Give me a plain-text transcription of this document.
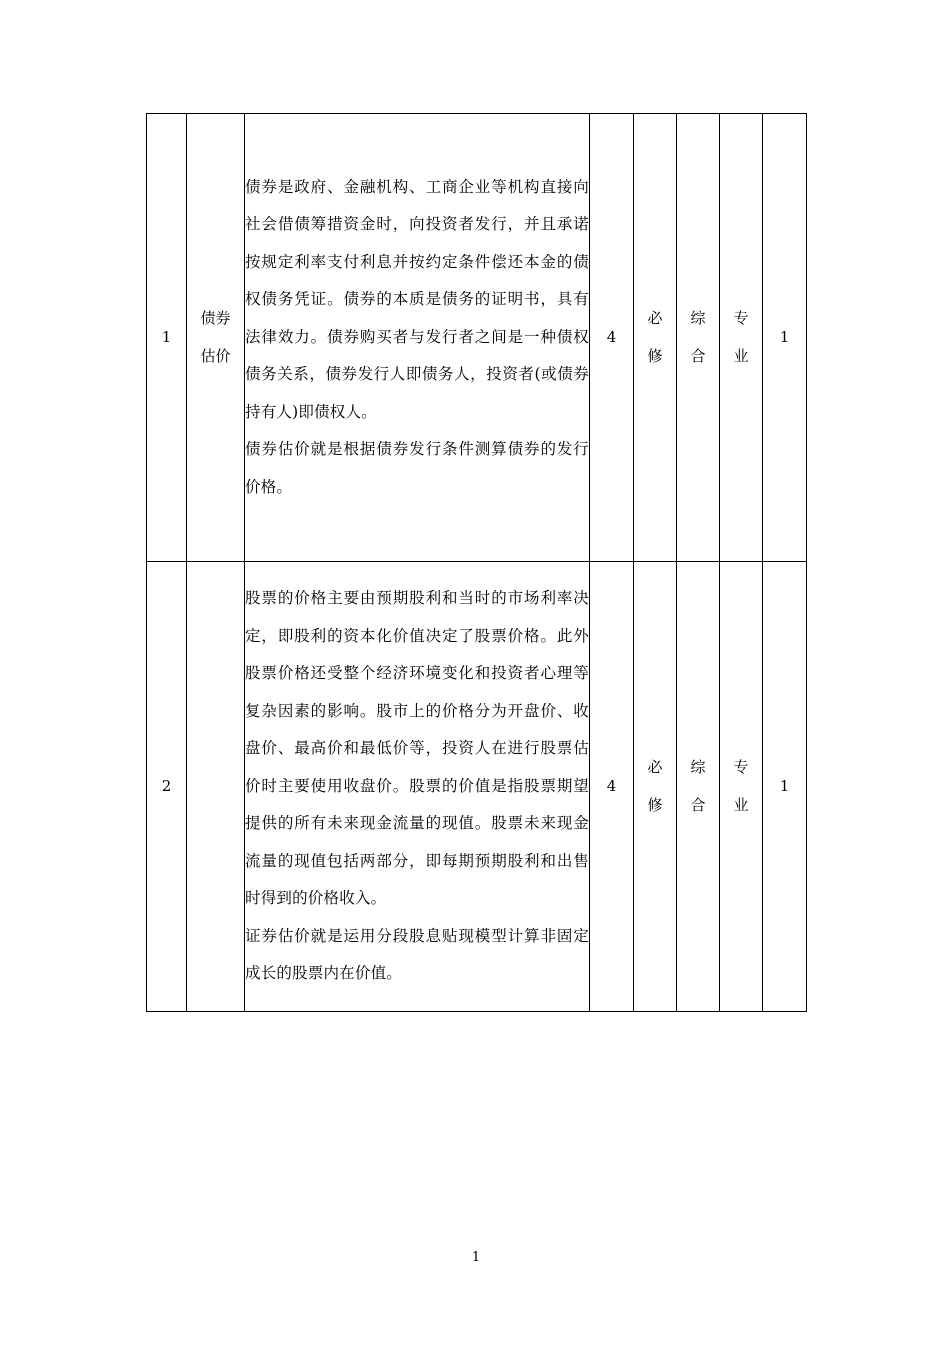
1	债券估价	债券是政府、金融机构、工商企业等机构直接向社会借债筹措资金时，向投资者发行，并且承诺按规定利率支付利息并按约定条件偿还本金的债权债务凭证。债券的本质是债务的证明书，具有法律效力。债券购买者与发行者之间是一种债权债务关系，债券发行人即债务人，投资者(或债券持有人)即债权人。

债券估价就是根据债券发行条件测算债券的发行价格。	4	必修	综合	专业	1
2		股票的价格主要由预期股利和当时的市场利率决定，即股利的资本化价值决定了股票价格。此外股票价格还受整个经济环境变化和投资者心理等复杂因素的影响。股市上的价格分为开盘价、收盘价、最高价和最低价等，投资人在进行股票估价时主要使用收盘价。股票的价值是指股票期望提供的所有未来现金流量的现值。股票未来现金流量的现值包括两部分，即每期预期股利和出售时得到的价格收入。

证券估价就是运用分段股息贴现模型计算非固定成长的股票内在价值。	4	必修	综合	专业	1
1
